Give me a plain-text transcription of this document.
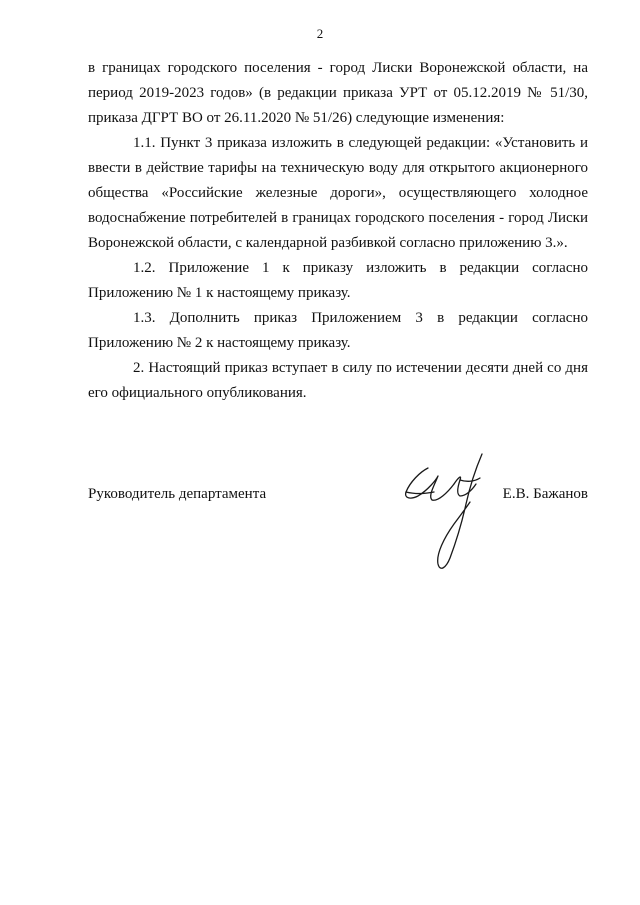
2

в границах городского поселения - город Лиски Воронежской области, на период 2019-2023 годов» (в редакции приказа УРТ от 05.12.2019 № 51/30, приказа ДГРТ ВО от 26.11.2020 № 51/26) следующие изменения:

1.1. Пункт 3 приказа изложить в следующей редакции: «Установить и ввести в действие тарифы на техническую воду для открытого акционерного общества «Российские железные дороги», осуществляющего холодное водоснабжение потребителей в границах городского поселения - город Лиски Воронежской области, с календарной разбивкой согласно приложению 3.».

1.2. Приложение 1 к приказу изложить в редакции согласно Приложению № 1 к настоящему приказу.

1.3. Дополнить приказ Приложением 3 в редакции согласно Приложению № 2 к настоящему приказу.

2. Настоящий приказ вступает в силу по истечении десяти дней со дня его официального опубликования.

Руководитель департамента	Е.В. Бажанов
